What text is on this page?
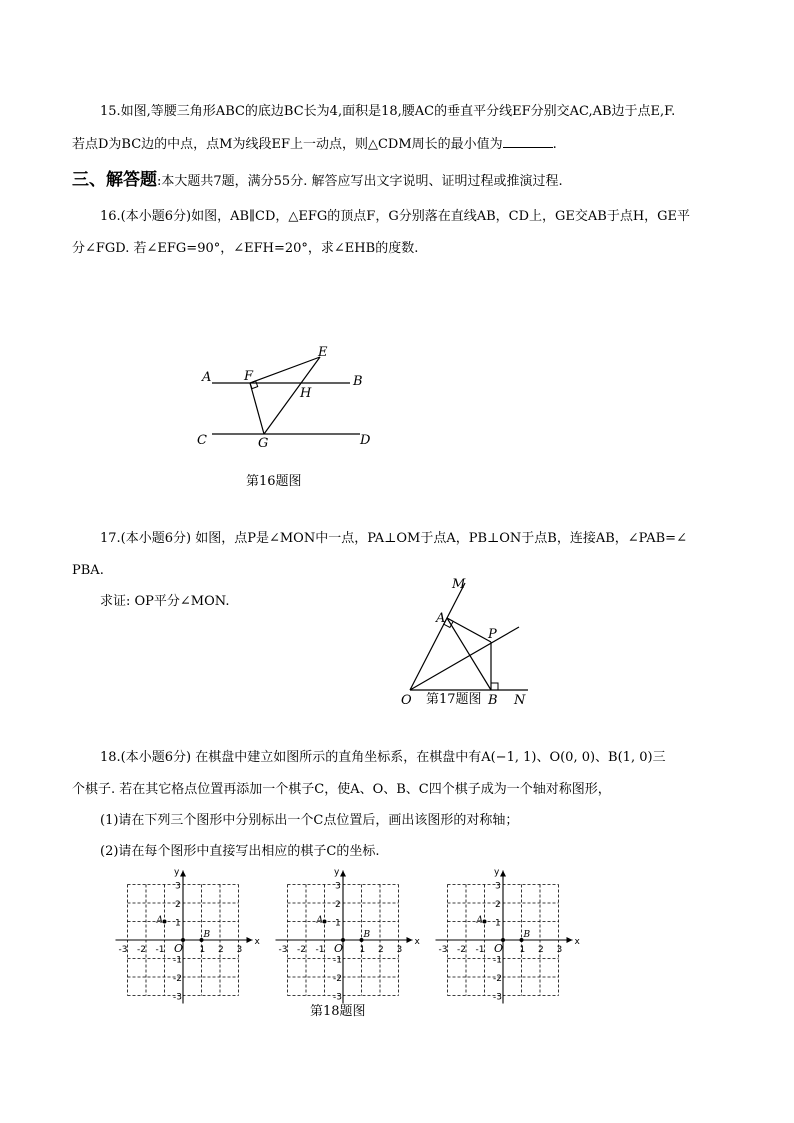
15.如图,等腰三角形ABC的底边BC长为4,面积是18,腰AC的垂直平分线EF分别交AC,AB边于点E,F.
若点D为BC边的中点，点M为线段EF上一动点，则△CDM周长的最小值为	.
三、解答题:本大题共7题，满分55分. 解答应写出文字说明、证明过程或推演过程.
16.(本小题6分)如图，AB∥CD，△EFG的顶点F，G分别落在直线AB，CD上，GE交AB于点H，GE平
分∠FGD. 若∠EFG=90°，∠EFH=20°，求∠EHB的度数.
A	F
E
B
H
C	G	D
第16题图
17.(本小题6分) 如图，点P是∠MON中一点，PA⊥OM于点A，PB⊥ON于点B，连接AB，∠PAB=∠
PBA.
求证: OP平分∠MON.
M
A
P
O	B N
第17题图
18.(本小题6分) 在棋盘中建立如图所示的直角坐标系，在棋盘中有A(−1, 1)、O(0, 0)、B(1, 0)三
个棋子. 若在其它格点位置再添加一个棋子C，使A、O、B、C四个棋子成为一个轴对称图形，
(1)请在下列三个图形中分别标出一个C点位置后，画出该图形的对称轴；
(2)请在每个图形中直接写出相应的棋子C的坐标.
x
y
-3 -2 -1	1 2 3
3
2
1
-1
-2
-3
O
A
B
x
y
-3 -2 -1	1 2 3
3
2
1
-1
-2
-3
O
A
B
x
y
-3 -2 -1	1 2 3
3
2
1
-1
-2
-3
O
A
B
第18题图
